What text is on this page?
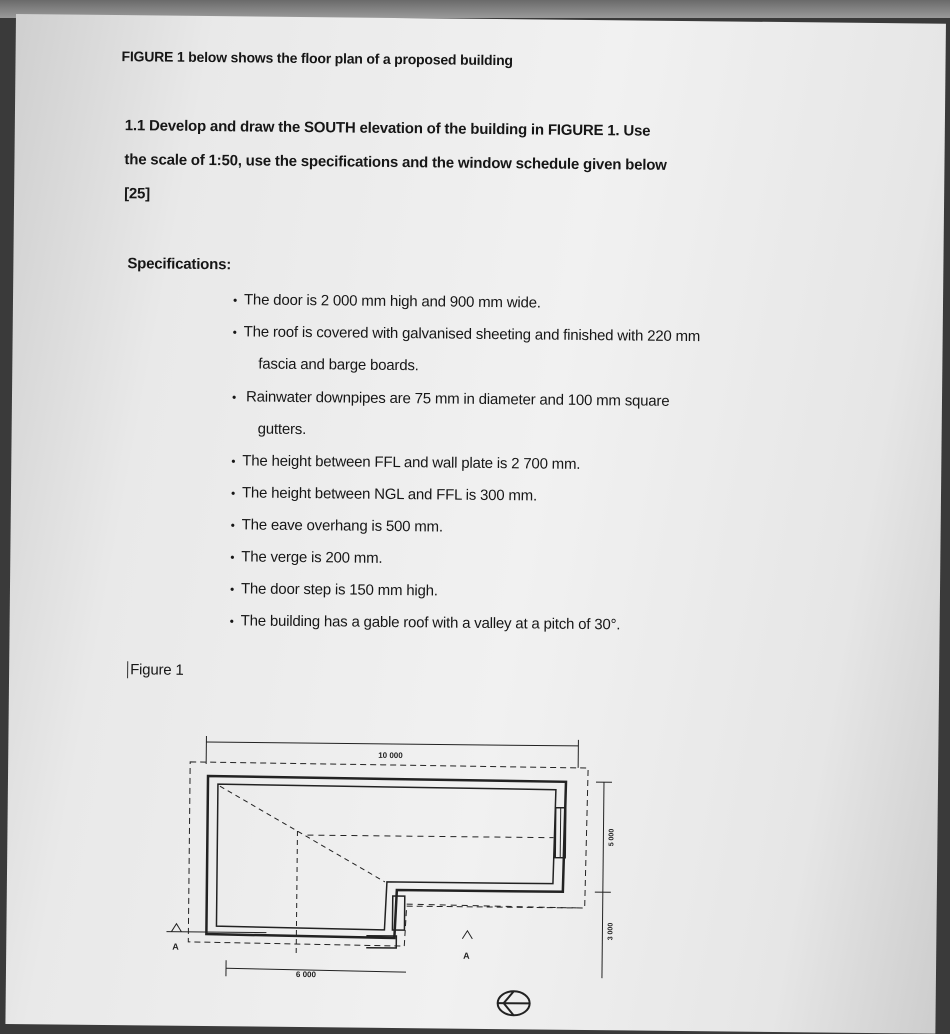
FIGURE 1 below shows the floor plan of a proposed building
1.1 Develop and draw the SOUTH elevation of the building in FIGURE 1. Use
the scale of 1:50, use the specifications and the window schedule given below
[25]
Specifications:
• The door is 2 000 mm high and 900 mm wide.
• The roof is covered with galvanised sheeting and finished with 220 mm
fascia and barge boards.
• Rainwater downpipes are 75 mm in diameter and 100 mm square
gutters.
• The height between FFL and wall plate is 2 700 mm.
• The height between NGL and FFL is 300 mm.
• The eave overhang is 500 mm.
• The verge is 200 mm.
• The door step is 150 mm high.
• The building has a gable roof with a valley at a pitch of 30°.
Figure 1
10 000
6 000
5 000
3 000
A
A
